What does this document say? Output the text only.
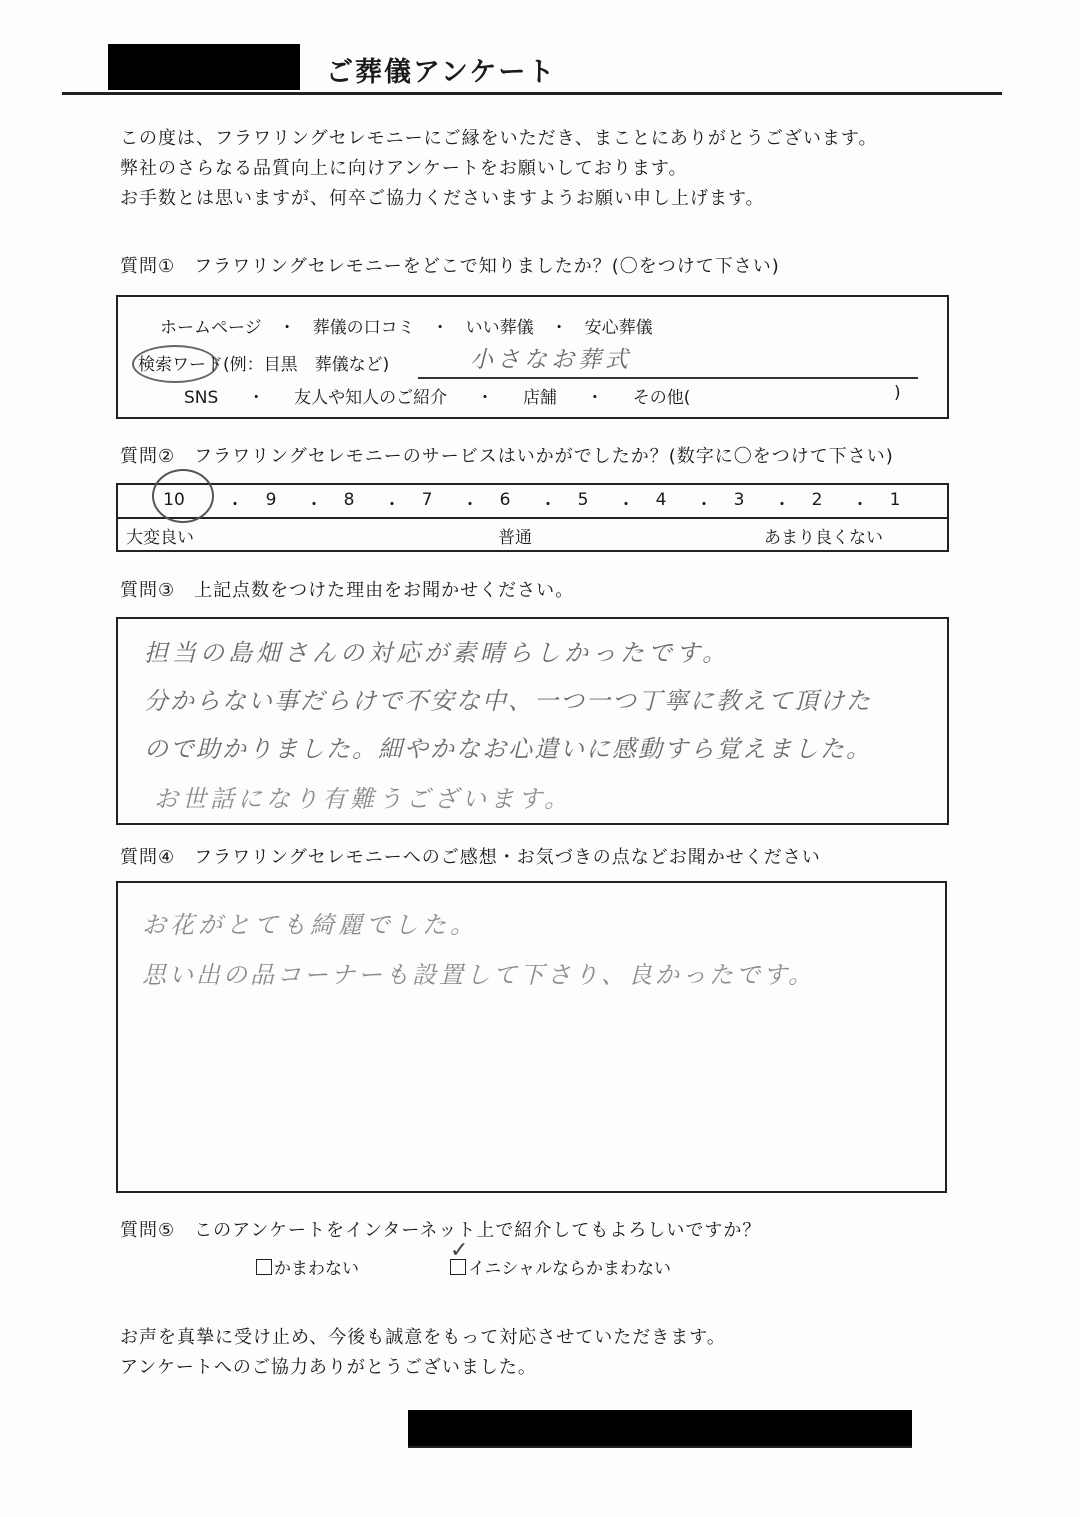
ご葬儀アンケート
この度は、フラワリングセレモニーにご縁をいただき、まことにありがとうございます。
弊社のさらなる品質向上に向けアンケートをお願いしております。
お手数とは思いますが、何卒ご協力くださいますようお願い申し上げます。
質問①　フラワリングセレモニーをどこで知りましたか？(〇をつけて下さい)
ホームページ　・　葬儀の口コミ　・　いい葬儀　・　安心葬儀
検索ワード(例：目黒　葬儀など)	小さなお葬式
SNS ・ 友人や知人のご紹介 ・ 店舗 ・ その他(	)
質問②　フラワリングセレモニーのサービスはいかがでしたか？(数字に〇をつけて下さい)
10	・	9	・	8	・	7	・	6	・	5	・	4	・	3	・	2	・	1
大変良い	普通	あまり良くない
質問③　上記点数をつけた理由をお聞かせください。
担当の島畑さんの対応が素晴らしかったです。
分からない事だらけで不安な中、一つ一つ丁寧に教えて頂けた
ので助かりました。細やかなお心遣いに感動すら覚えました。
お世話になり有難うございます。
質問④　フラワリングセレモニーへのご感想・お気づきの点などお聞かせください
お花がとても綺麗でした。
思い出の品コーナーも設置して下さり、良かったです。
質問⑤　このアンケートをインターネット上で紹介してもよろしいですか？
かまわない	イニシャルならかまわない
✓
お声を真摯に受け止め、今後も誠意をもって対応させていただきます。
アンケートへのご協力ありがとうございました。
